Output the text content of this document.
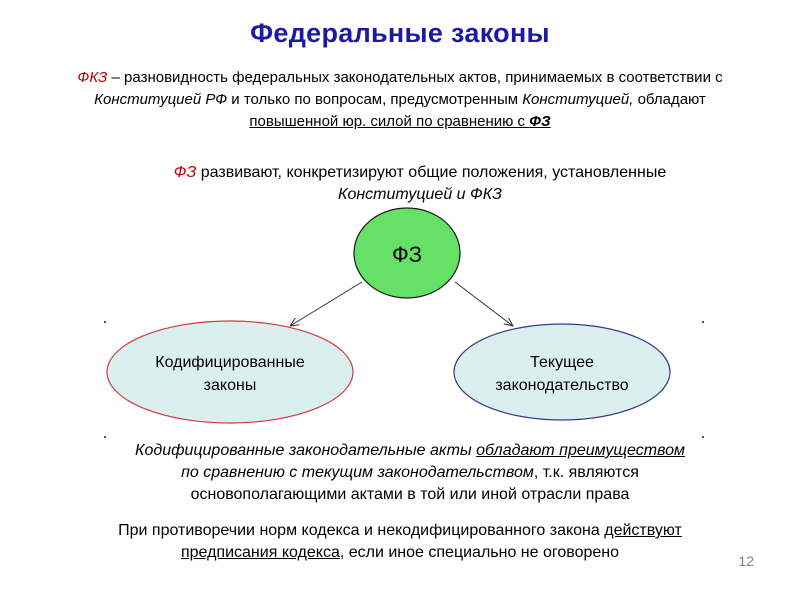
Федеральные законы
ФКЗ – разновидность федеральных законодательных актов, принимаемых в соответствии с Конституцией РФ и только по вопросам, предусмотренным Конституцией, обладают
повышенной юр. силой по сравнению с ФЗ
ФЗ развивают, конкретизируют общие положения, установленные
Конституцией и ФКЗ
ФЗ
Кодифицированные
законы
Текущее
законодательство
Кодифицированные законодательные акты обладают преимуществом
по сравнению с текущим законодательством, т.к. являются
основополагающими актами в той или иной отрасли права
При противоречии норм кодекса и некодифицированного закона действуют
предписания кодекса, если иное специально не оговорено	12
